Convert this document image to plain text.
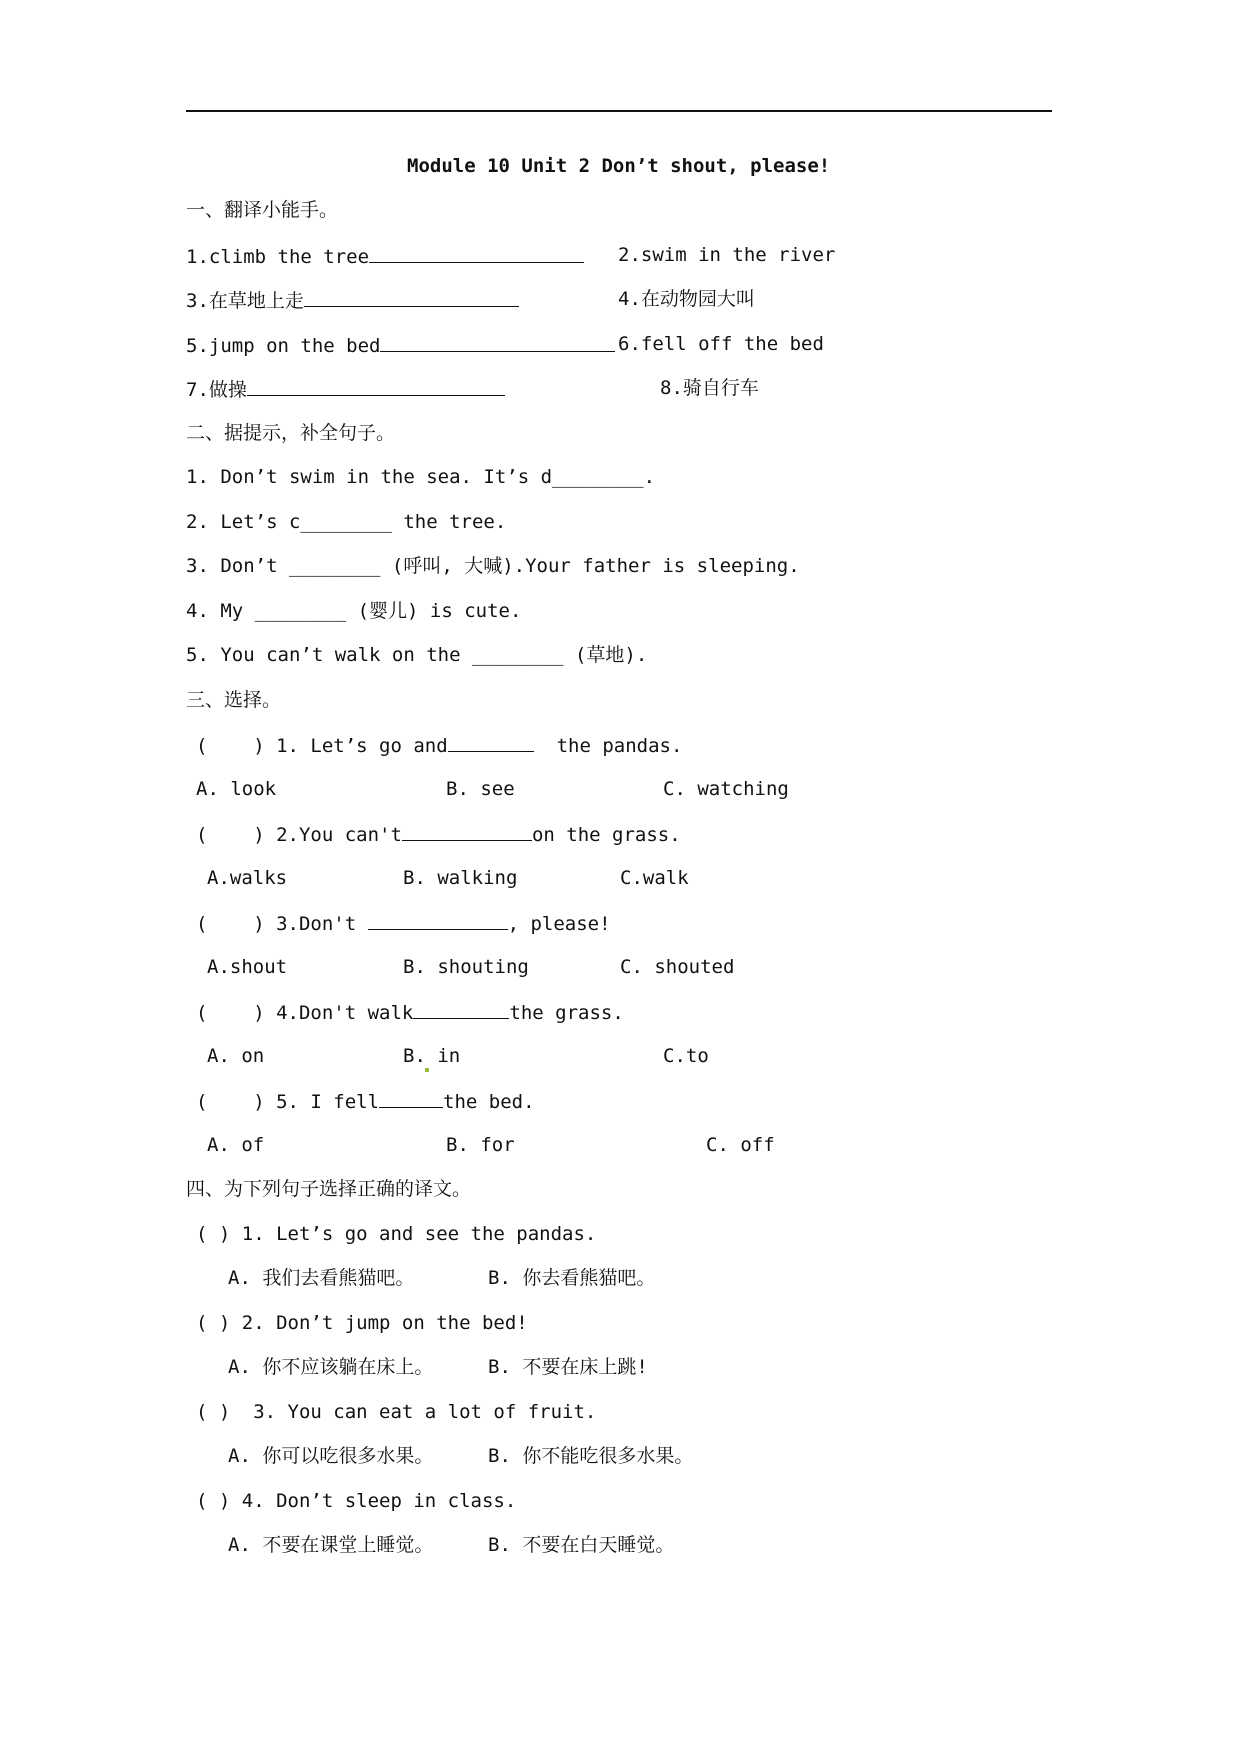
Module 10 Unit 2 Don’t shout, please!
一、翻译小能手。
1.climb the tree	2.swim in the river
3.在草地上走	4.在动物园大叫
5.jump on the bed	6.fell off the bed
7.做操	8.骑自行车
二、据提示，补全句子。
1. Don’t swim in the sea. It’s d________.
2. Let’s c________ the tree.
3. Don’t ________ (呼叫, 大喊).Your father is sleeping.
4. My ________ (婴儿) is cute.
5. You can’t walk on the ________ (草地).
三、选择。
(    ) 1. Let’s go and	the pandas.
A. look	B. see	C. watching
(    ) 2.You can't	on the grass.
A.walks	B. walking	C.walk
(    ) 3.Don't	, please!
A.shout	B. shouting	C. shouted
(    ) 4.Don't walk	the grass.
A. on	B. in	C.to
(    ) 5. I fell	the bed.
A. of	B. for	C. off
四、为下列句子选择正确的译文。
( ) 1. Let’s go and see the pandas.
A. 我们去看熊猫吧。	B. 你去看熊猫吧。
( ) 2. Don’t jump on the bed!
A. 你不应该躺在床上。	B. 不要在床上跳!
( )  3. You can eat a lot of fruit.
A. 你可以吃很多水果。	B. 你不能吃很多水果。
( ) 4. Don’t sleep in class.
A. 不要在课堂上睡觉。	B. 不要在白天睡觉。
